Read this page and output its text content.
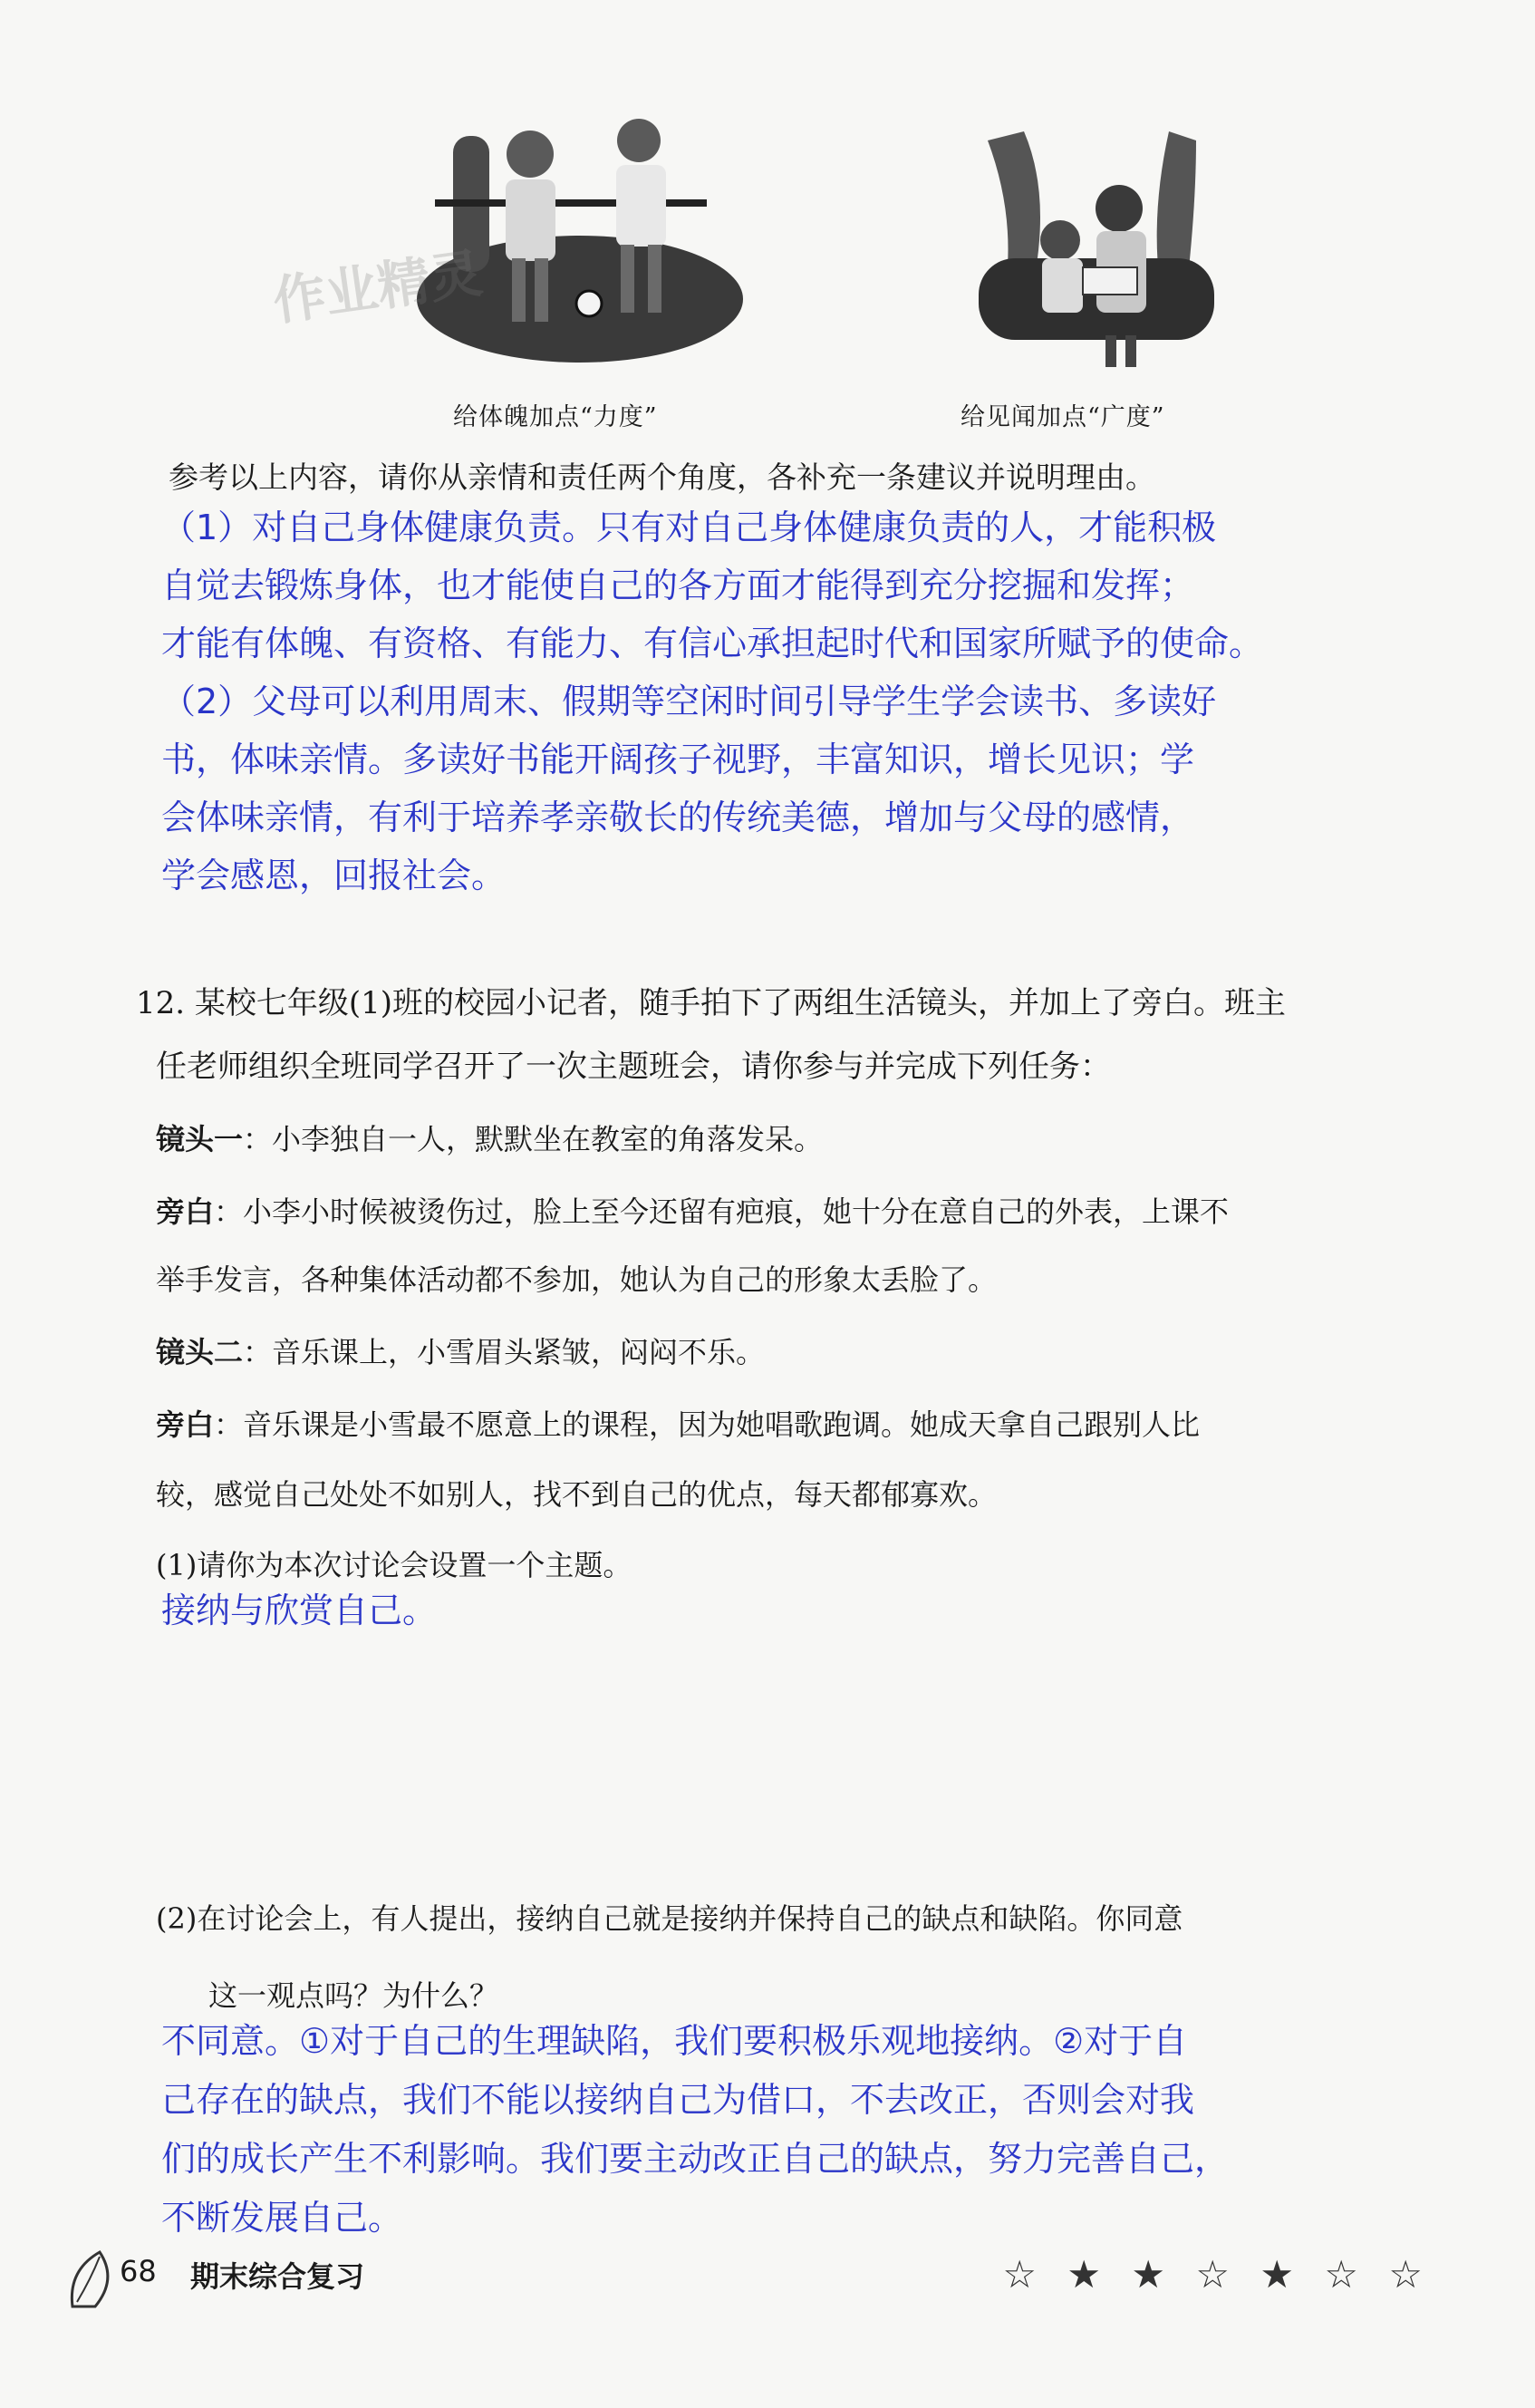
作业精灵
给体魄加点“力度”	给见闻加点“广度”
参考以上内容，请你从亲情和责任两个角度，各补充一条建议并说明理由。
（1）对自己身体健康负责。只有对自己身体健康负责的人，才能积极
自觉去锻炼身体，也才能使自己的各方面才能得到充分挖掘和发挥；
才能有体魄、有资格、有能力、有信心承担起时代和国家所赋予的使命。
（2）父母可以利用周末、假期等空闲时间引导学生学会读书、多读好
书，体味亲情。多读好书能开阔孩子视野，丰富知识，增长见识；学
会体味亲情，有利于培养孝亲敬长的传统美德，增加与父母的感情，
学会感恩，回报社会。
12. 某校七年级(1)班的校园小记者，随手拍下了两组生活镜头，并加上了旁白。班主
任老师组织全班同学召开了一次主题班会，请你参与并完成下列任务：
镜头一：小李独自一人，默默坐在教室的角落发呆。
旁白：小李小时候被烫伤过，脸上至今还留有疤痕，她十分在意自己的外表，上课不
举手发言，各种集体活动都不参加，她认为自己的形象太丢脸了。
镜头二：音乐课上，小雪眉头紧皱，闷闷不乐。
旁白：音乐课是小雪最不愿意上的课程，因为她唱歌跑调。她成天拿自己跟别人比
较，感觉自己处处不如别人，找不到自己的优点，每天都郁寡欢。
(1)请你为本次讨论会设置一个主题。
接纳与欣赏自己。
(2)在讨论会上，有人提出，接纳自己就是接纳并保持自己的缺点和缺陷。你同意
这一观点吗？为什么？
不同意。①对于自己的生理缺陷，我们要积极乐观地接纳。②对于自
己存在的缺点，我们不能以接纳自己为借口，不去改正，否则会对我
们的成长产生不利影响。我们要主动改正自己的缺点，努力完善自己，
不断发展自己。
68 期末综合复习	☆ ★ ★ ☆ ★ ☆ ☆
